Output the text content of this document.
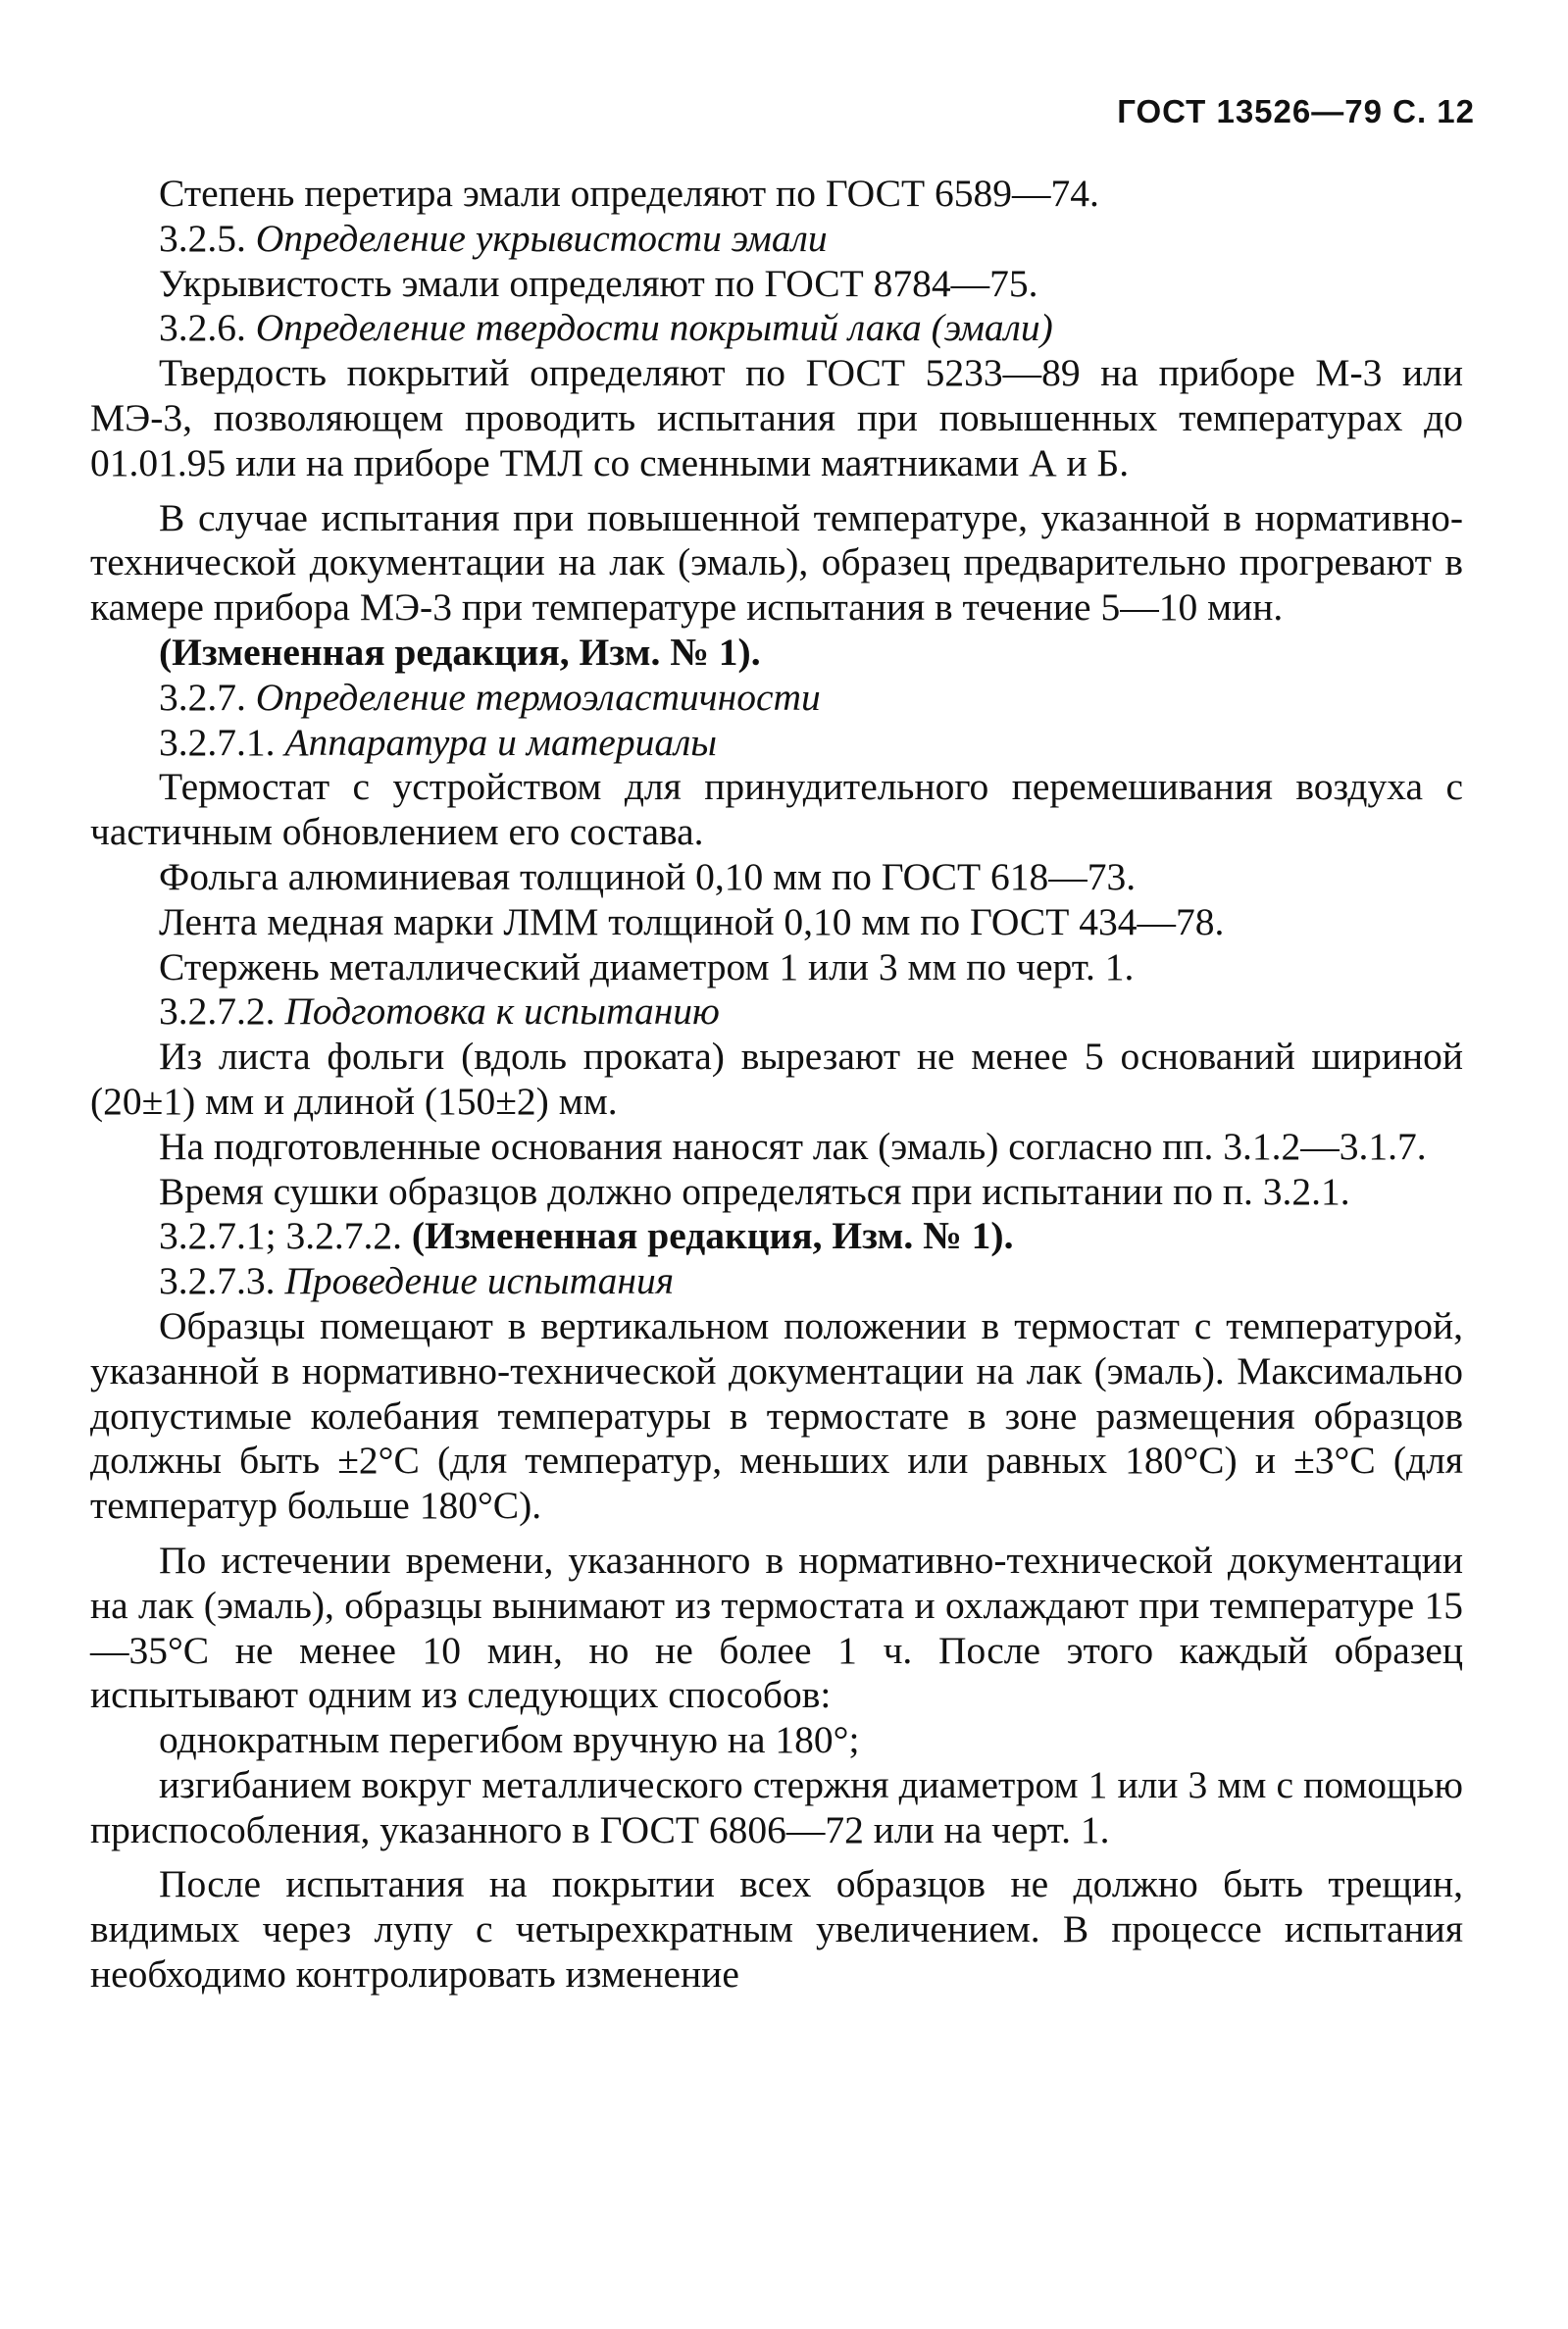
ГОСТ 13526—79 С. 12

Степень перетира эмали определяют по ГОСТ 6589—74.

3.2.5. Определение укрывистости эмали

Укрывистость эмали определяют по ГОСТ 8784—75.

3.2.6. Определение твердости покрытий лака (эмали)

Твердость покрытий определяют по ГОСТ 5233—89 на приборе М-3 или МЭ-3, позволяющем проводить испытания при повышенных температурах до 01.01.95 или на приборе ТМЛ со сменными маятниками А и Б.

В случае испытания при повышенной температуре, указанной в нормативно-технической документации на лак (эмаль), образец предварительно прогревают в камере прибора МЭ-3 при температуре испытания в течение 5—10 мин.

(Измененная редакция, Изм. № 1).

3.2.7. Определение термоэластичности

3.2.7.1. Аппаратура и материалы

Термостат с устройством для принудительного перемешивания воздуха с частичным обновлением его состава.

Фольга алюминиевая толщиной 0,10 мм по ГОСТ 618—73.

Лента медная марки ЛММ толщиной 0,10 мм по ГОСТ 434—78.

Стержень металлический диаметром 1 или 3 мм по черт. 1.

3.2.7.2. Подготовка к испытанию

Из листа фольги (вдоль проката) вырезают не менее 5 оснований шириной (20±1) мм и длиной (150±2) мм.

На подготовленные основания наносят лак (эмаль) согласно пп. 3.1.2—3.1.7.

Время сушки образцов должно определяться при испытании по п. 3.2.1.

3.2.7.1; 3.2.7.2. (Измененная редакция, Изм. № 1).

3.2.7.3. Проведение испытания

Образцы помещают в вертикальном положении в термостат с температурой, указанной в нормативно-технической документации на лак (эмаль). Максимально допустимые колебания температуры в термостате в зоне размещения образцов должны быть ±2°С (для температур, меньших или равных 180°С) и ±3°С (для температур больше 180°С).

По истечении времени, указанного в нормативно-технической документации на лак (эмаль), образцы вынимают из термостата и охлаждают при температуре 15—35°С не менее 10 мин, но не более 1 ч. После этого каждый образец испытывают одним из следующих способов:

однократным перегибом вручную на 180°;

изгибанием вокруг металлического стержня диаметром 1 или 3 мм с помощью приспособления, указанного в ГОСТ 6806—72 или на черт. 1.

После испытания на покрытии всех образцов не должно быть трещин, видимых через лупу с четырехкратным увеличением. В процессе испытания необходимо контролировать изменение
